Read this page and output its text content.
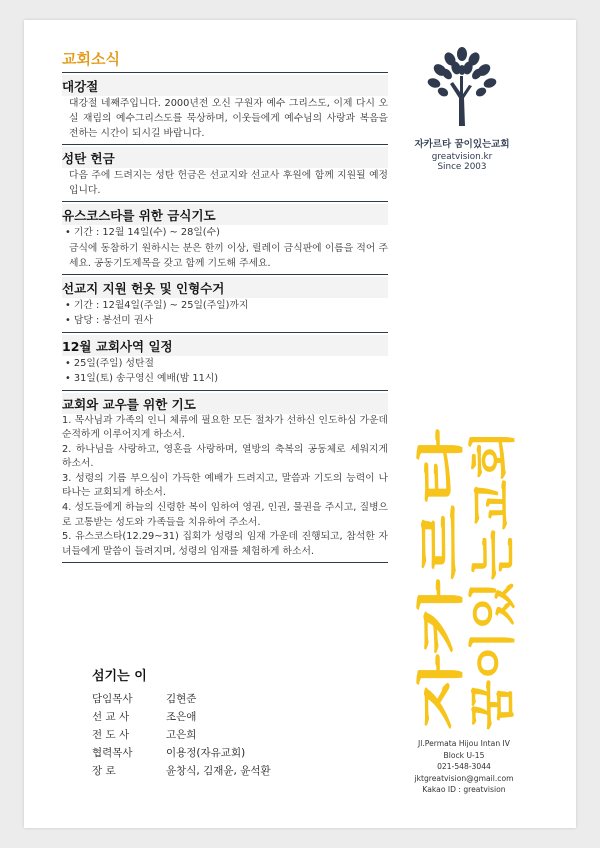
교회소식
대강절
대강절 네째주입니다. 2000년전 오신 구원자 예수 그리스도, 이제 다시 오실 재림의 예수그리스도를 묵상하며, 이웃들에게 예수님의 사랑과 복음을 전하는 시간이 되시길 바랍니다.
성탄 헌금
다음 주에 드려지는 성탄 헌금은 선교지와 선교사 후원에 함께 지원될 예정입니다.
유스코스타를 위한 금식기도
• 기간 : 12월 14일(수) ~ 28일(수)
금식에 동참하기 원하시는 분은 한끼 이상, 릴레이 금식판에 이름을 적어 주세요. 공동기도제목을 갖고 함께 기도해 주세요.
선교지 지원 헌옷 및 인형수거
• 기간 : 12월4일(주일) ~ 25일(주일)까지
• 담당 : 봉선미 권사
12월 교회사역 일정
• 25일(주일) 성탄절
• 31일(토) 송구영신 예배(밤 11시)
교회와 교우를 위한 기도
1. 목사님과 가족의 인니 체류에 필요한 모든 절차가 선하신 인도하심 가운데 순적하게 이루어지게 하소서.
2. 하나님을 사랑하고, 영혼을 사랑하며, 열방의 축복의 공동체로 세워지게 하소서.
3. 성령의 기름 부으심이 가득한 예배가 드려지고, 말씀과 기도의 능력이 나타나는 교회되게 하소서.
4. 성도들에게 하늘의 신령한 복이 임하여 영권, 인권, 물권을 주시고, 질병으로 고통받는 성도와 가족들을 치유하여 주소서.
5. 유스코스타(12.29~31) 집회가 성령의 임재 가운데 진행되고, 참석한 자녀들에게 말씀이 들려지며, 성령의 임재를 체험하게 하소서.
섬기는 이
담임목사	김현준
선 교 사	조은애
전 도 사	고은희
협력목사	이용정(자유교회)
장 로	윤창식, 김재윤, 윤석환
자카르타 꿈이있는교회
greatvision.kr
Since 2003
자카르타
꿈이있는교회
Jl.Permata Hijou Intan IV
Block U-15
021-548-3044
jktgreatvision@gmail.com
Kakao ID : greatvision
